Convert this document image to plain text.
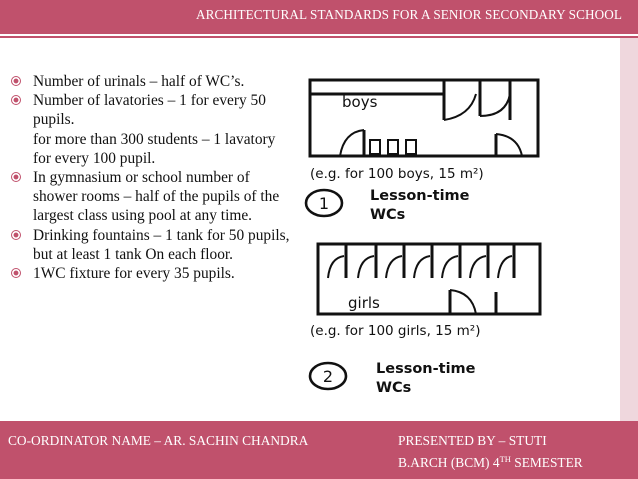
ARCHITECTURAL STANDARDS FOR A SENIOR SECONDARY SCHOOL
Number of urinals – half of WC’s.
Number of lavatories – 1 for every 50 pupils.
for more than 300 students – 1 lavatory for every 100 pupil.
In gymnasium or school number of shower rooms – half of the pupils of the largest class using pool at any time.
Drinking fountains – 1 tank for 50 pupils, but at least 1 tank On each floor.
1WC fixture for every 35 pupils.
boys
(e.g. for 100 boys, 15 m²)
1	Lesson-time
WCs
girls
(e.g. for 100 girls, 15 m²)
2	Lesson-time
WCs
CO-ORDINATOR NAME – AR. SACHIN CHANDRA	PRESENTED BY – STUTI
B.ARCH (BCM) 4TH SEMESTER
